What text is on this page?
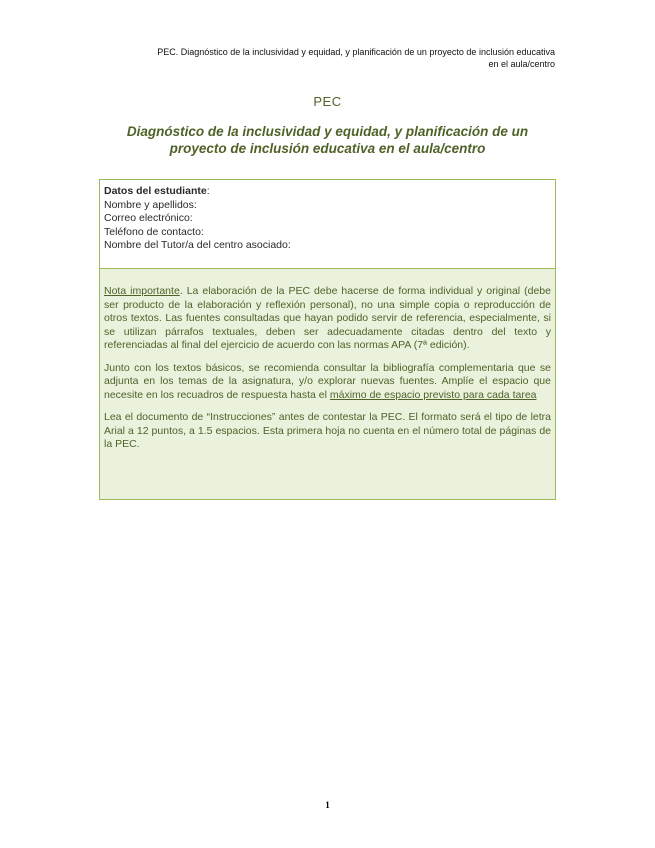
PEC. Diagnóstico de la inclusividad y equidad, y planificación de un proyecto de inclusión educativa
en el aula/centro
PEC
Diagnóstico de la inclusividad y equidad, y planificación de un proyecto de inclusión educativa en el aula/centro
Datos del estudiante:
Nombre y apellidos:
Correo electrónico:
Teléfono de contacto:
Nombre del Tutor/a del centro asociado:

Nota importante. La elaboración de la PEC debe hacerse de forma individual y original (debe ser producto de la elaboración y reflexión personal), no una simple copia o reproducción de otros textos. Las fuentes consultadas que hayan podido servir de referencia, especialmente, si se utilizan párrafos textuales, deben ser adecuadamente citadas dentro del texto y referenciadas al final del ejercicio de acuerdo con las normas APA (7ª edición).

Junto con los textos básicos, se recomienda consultar la bibliografía complementaria que se adjunta en los temas de la asignatura, y/o explorar nuevas fuentes. Amplíe el espacio que necesite en los recuadros de respuesta hasta el máximo de espacio previsto para cada tarea

Lea el documento de “Instrucciones” antes de contestar la PEC. El formato será el tipo de letra Arial a 12 puntos, a 1.5 espacios. Esta primera hoja no cuenta en el número total de páginas de la PEC.

1
